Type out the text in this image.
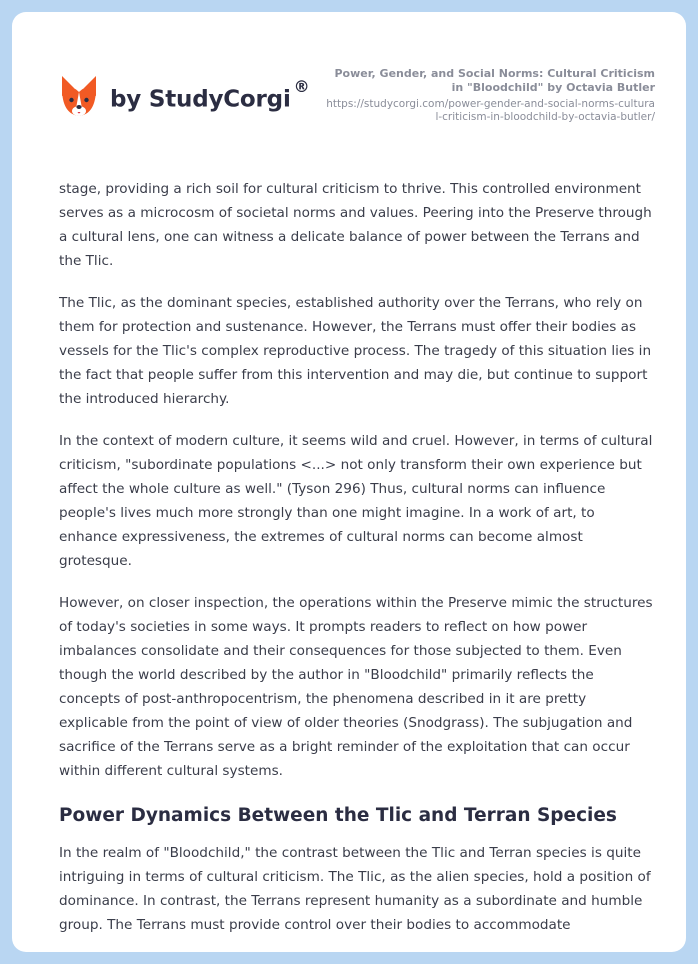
by StudyCorgi®
Power, Gender, and Social Norms: Cultural Criticism in "Bloodchild" by Octavia Butler
https://studycorgi.com/power-gender-and-social-norms-cultural-criticism-in-bloodchild-by-octavia-butler/

stage, providing a rich soil for cultural criticism to thrive. This controlled environment serves as a microcosm of societal norms and values. Peering into the Preserve through a cultural lens, one can witness a delicate balance of power between the Terrans and the Tlic.

The Tlic, as the dominant species, established authority over the Terrans, who rely on them for protection and sustenance. However, the Terrans must offer their bodies as vessels for the Tlic's complex reproductive process. The tragedy of this situation lies in the fact that people suffer from this intervention and may die, but continue to support the introduced hierarchy.

In the context of modern culture, it seems wild and cruel. However, in terms of cultural criticism, "subordinate populations <...> not only transform their own experience but affect the whole culture as well." (Tyson 296) Thus, cultural norms can influence people's lives much more strongly than one might imagine. In a work of art, to enhance expressiveness, the extremes of cultural norms can become almost grotesque.

However, on closer inspection, the operations within the Preserve mimic the structures of today's societies in some ways. It prompts readers to reflect on how power imbalances consolidate and their consequences for those subjected to them. Even though the world described by the author in "Bloodchild" primarily reflects the concepts of post-anthropocentrism, the phenomena described in it are pretty explicable from the point of view of older theories (Snodgrass). The subjugation and sacrifice of the Terrans serve as a bright reminder of the exploitation that can occur within different cultural systems.

Power Dynamics Between the Tlic and Terran Species

In the realm of "Bloodchild," the contrast between the Tlic and Terran species is quite intriguing in terms of cultural criticism. The Tlic, as the alien species, hold a position of dominance. In contrast, the Terrans represent humanity as a subordinate and humble group. The Terrans must provide control over their bodies to accommodate
